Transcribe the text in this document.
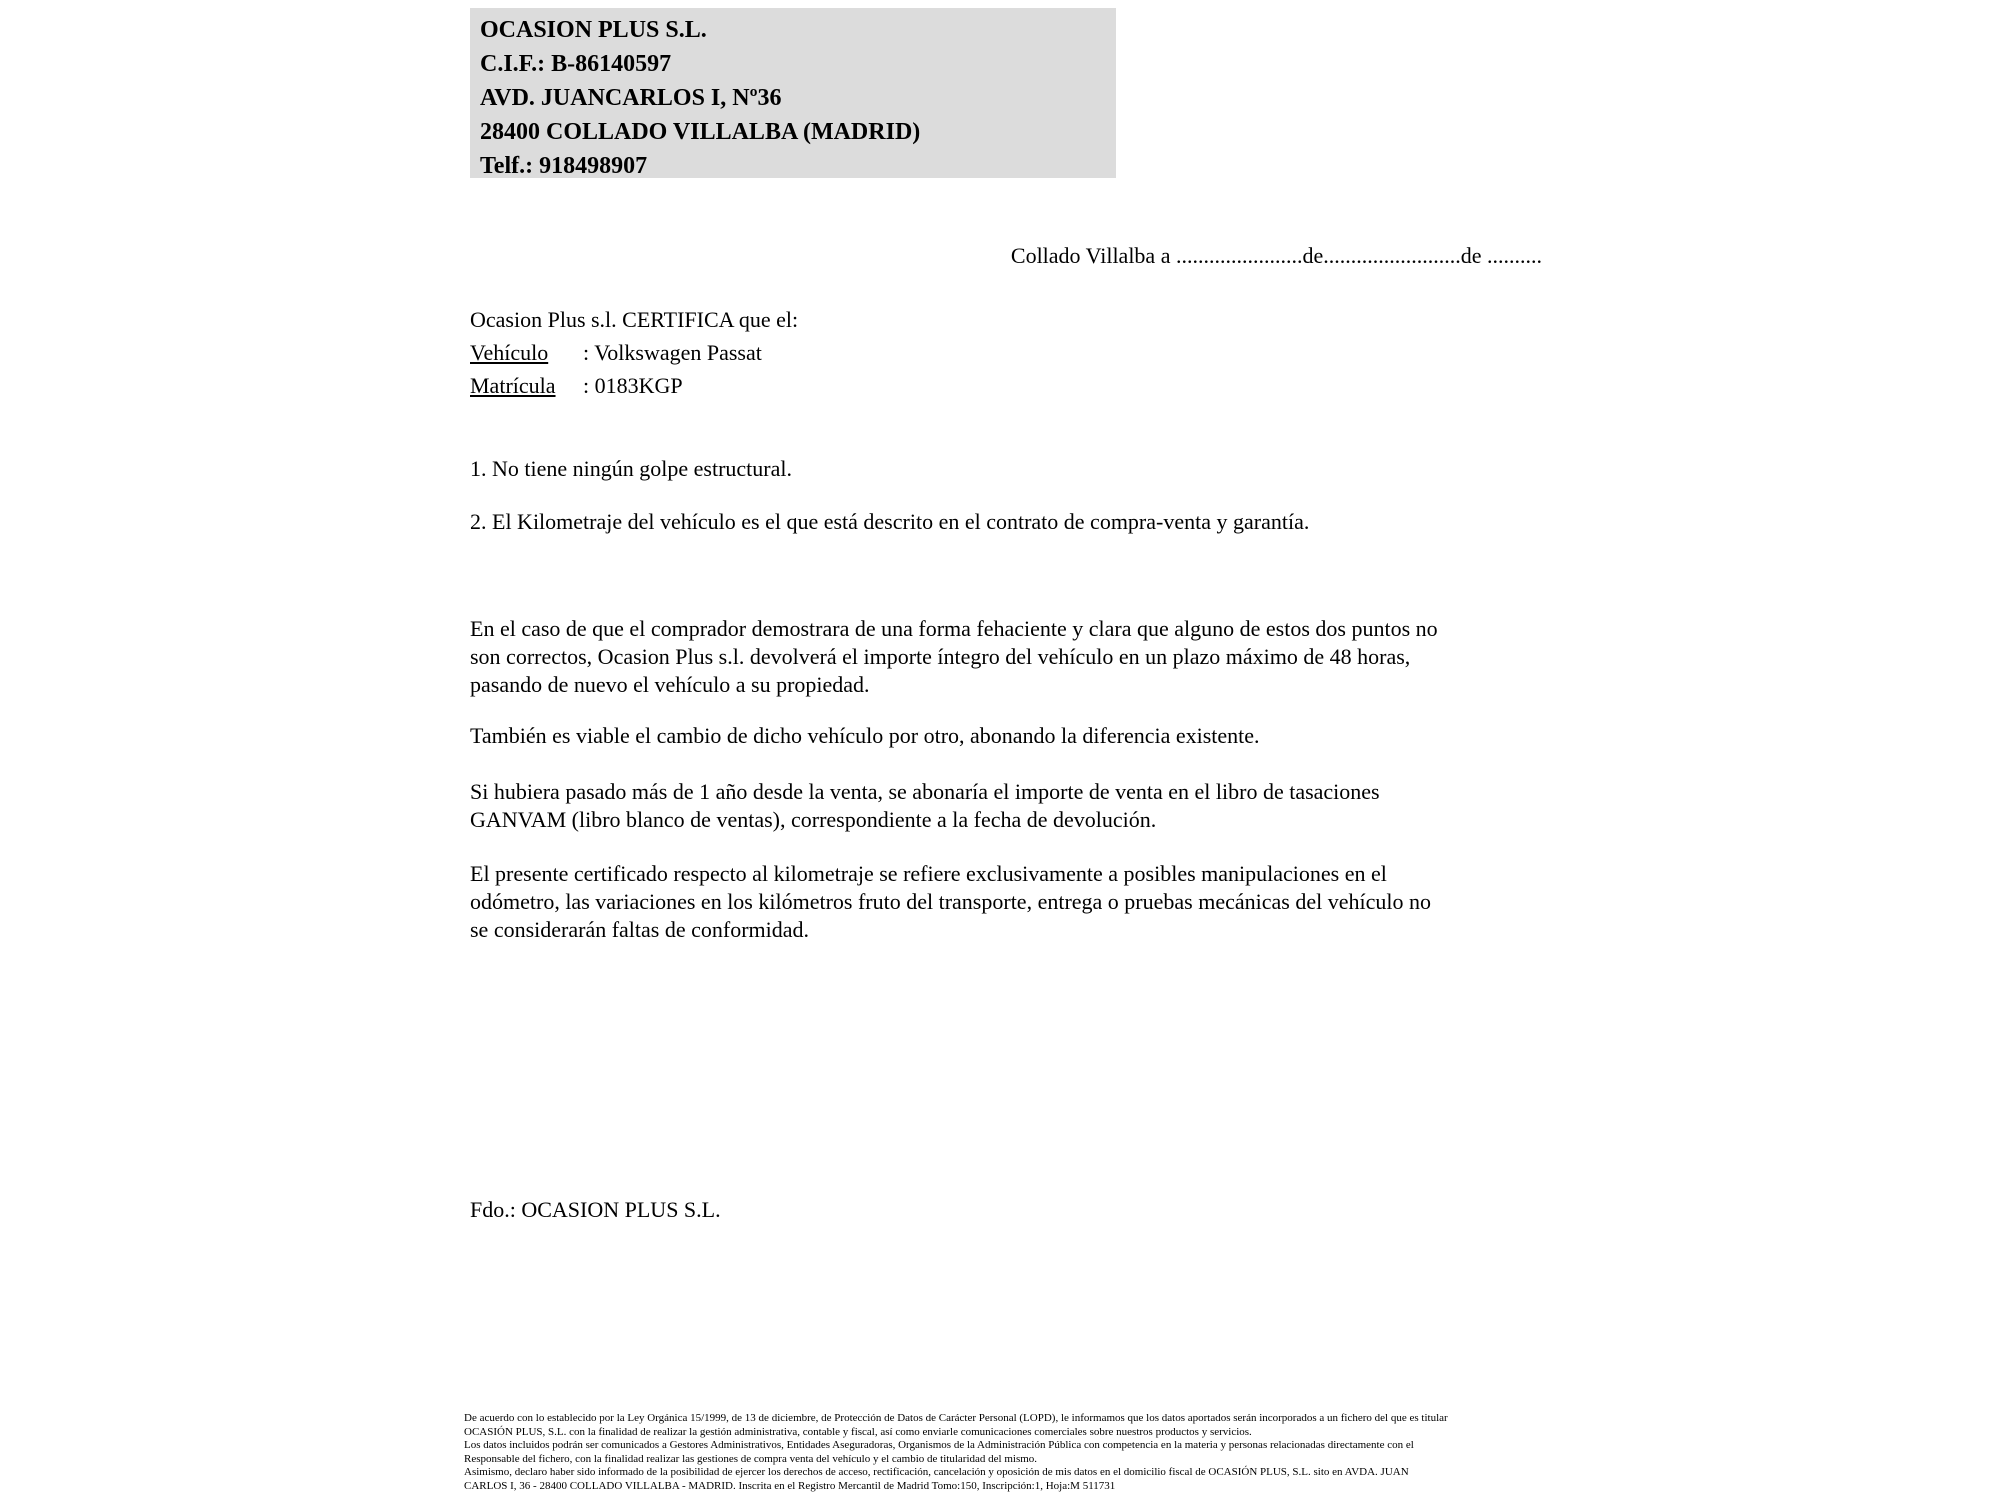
OCASION PLUS S.L.
C.I.F.: B-86140597
AVD. JUANCARLOS I, Nº36
28400 COLLADO VILLALBA (MADRID)
Telf.: 918498907
Collado Villalba a .......................de.........................de ..........
Ocasion Plus s.l. CERTIFICA que el:
Vehículo : Volkswagen Passat
Matrícula : 0183KGP
1. No tiene ningún golpe estructural.
2. El Kilometraje del vehículo es el que está descrito en el contrato de compra-venta y garantía.
En el caso de que el comprador demostrara de una forma fehaciente y clara que alguno de estos dos puntos no
son correctos, Ocasion Plus s.l. devolverá el importe íntegro del vehículo en un plazo máximo de 48 horas,
pasando de nuevo el vehículo a su propiedad.
También es viable el cambio de dicho vehículo por otro, abonando la diferencia existente.
Si hubiera pasado más de 1 año desde la venta, se abonaría el importe de venta en el libro de tasaciones
GANVAM (libro blanco de ventas), correspondiente a la fecha de devolución.
El presente certificado respecto al kilometraje se refiere exclusivamente a posibles manipulaciones en el
odómetro, las variaciones en los kilómetros fruto del transporte, entrega o pruebas mecánicas del vehículo no
se considerarán faltas de conformidad.
Fdo.: OCASION PLUS S.L.
De acuerdo con lo establecido por la Ley Orgánica 15/1999, de 13 de diciembre, de Protección de Datos de Carácter Personal (LOPD), le informamos que los datos aportados serán incorporados a un fichero del que es titular
OCASIÓN PLUS, S.L. con la finalidad de realizar la gestión administrativa, contable y fiscal, así como enviarle comunicaciones comerciales sobre nuestros productos y servicios.
Los datos incluidos podrán ser comunicados a Gestores Administrativos, Entidades Aseguradoras, Organismos de la Administración Pública con competencia en la materia y personas relacionadas directamente con el
Responsable del fichero, con la finalidad realizar las gestiones de compra venta del vehículo y el cambio de titularidad del mismo.
Asimismo, declaro haber sido informado de la posibilidad de ejercer los derechos de acceso, rectificación, cancelación y oposición de mis datos en el domicilio fiscal de OCASIÓN PLUS, S.L. sito en AVDA. JUAN
CARLOS I, 36 - 28400 COLLADO VILLALBA - MADRID. Inscrita en el Registro Mercantil de Madrid Tomo:150, Inscripción:1, Hoja:M 511731
